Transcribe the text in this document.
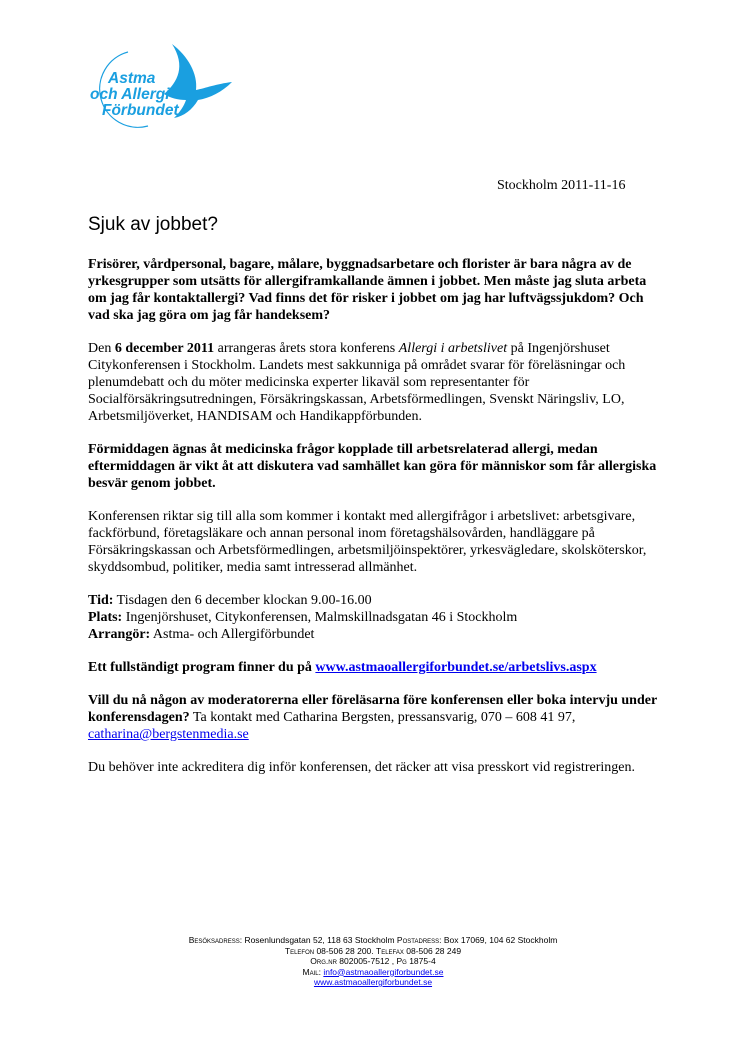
Astma
och Allergi
Förbundet
Stockholm 2011-11-16
Sjuk av jobbet?

Frisörer, vårdpersonal, bagare, målare, byggnadsarbetare och florister är bara några av de yrkesgrupper som utsätts för allergiframkallande ämnen i jobbet. Men måste jag sluta arbeta om jag får kontaktallergi? Vad finns det för risker i jobbet om jag har luftvägssjukdom? Och vad ska jag göra om jag får handeksem?

Den 6 december 2011 arrangeras årets stora konferens Allergi i arbetslivet på Ingenjörshuset Citykonferensen i Stockholm. Landets mest sakkunniga på området svarar för föreläsningar och plenumdebatt och du möter medicinska experter likaväl som representanter för Socialförsäkringsutredningen, Försäkringskassan, Arbetsförmedlingen, Svenskt Näringsliv, LO, Arbetsmiljöverket, HANDISAM och Handikappförbunden.

Förmiddagen ägnas åt medicinska frågor kopplade till arbetsrelaterad allergi, medan eftermiddagen är vikt åt att diskutera vad samhället kan göra för människor som får allergiska besvär genom jobbet.

Konferensen riktar sig till alla som kommer i kontakt med allergifrågor i arbetslivet: arbetsgivare, fackförbund, företagsläkare och annan personal inom företagshälsovården, handläggare på Försäkringskassan och Arbetsförmedlingen, arbetsmiljöinspektörer, yrkesvägledare, skolsköterskor, skyddsombud, politiker, media samt intresserad allmänhet.

Tid: Tisdagen den 6 december klockan 9.00-16.00
Plats: Ingenjörshuset, Citykonferensen, Malmskillnadsgatan 46 i Stockholm
Arrangör: Astma- och Allergiförbundet

Ett fullständigt program finner du på www.astmaoallergiforbundet.se/arbetslivs.aspx

Vill du nå någon av moderatorerna eller föreläsarna före konferensen eller boka intervju under konferensdagen? Ta kontakt med Catharina Bergsten, pressansvarig, 070 – 608 41 97, catharina@bergstenmedia.se

Du behöver inte ackreditera dig inför konferensen, det räcker att visa presskort vid registreringen.

Besöksadress: Rosenlundsgatan 52, 118 63 Stockholm Postadress: Box 17069, 104 62 Stockholm
Telefon 08-506 28 200. Telefax 08-506 28 249
Org.nr 802005-7512 , Pg 1875-4
Mail: info@astmaoallergiforbundet.se
www.astmaoallergiforbundet.se
